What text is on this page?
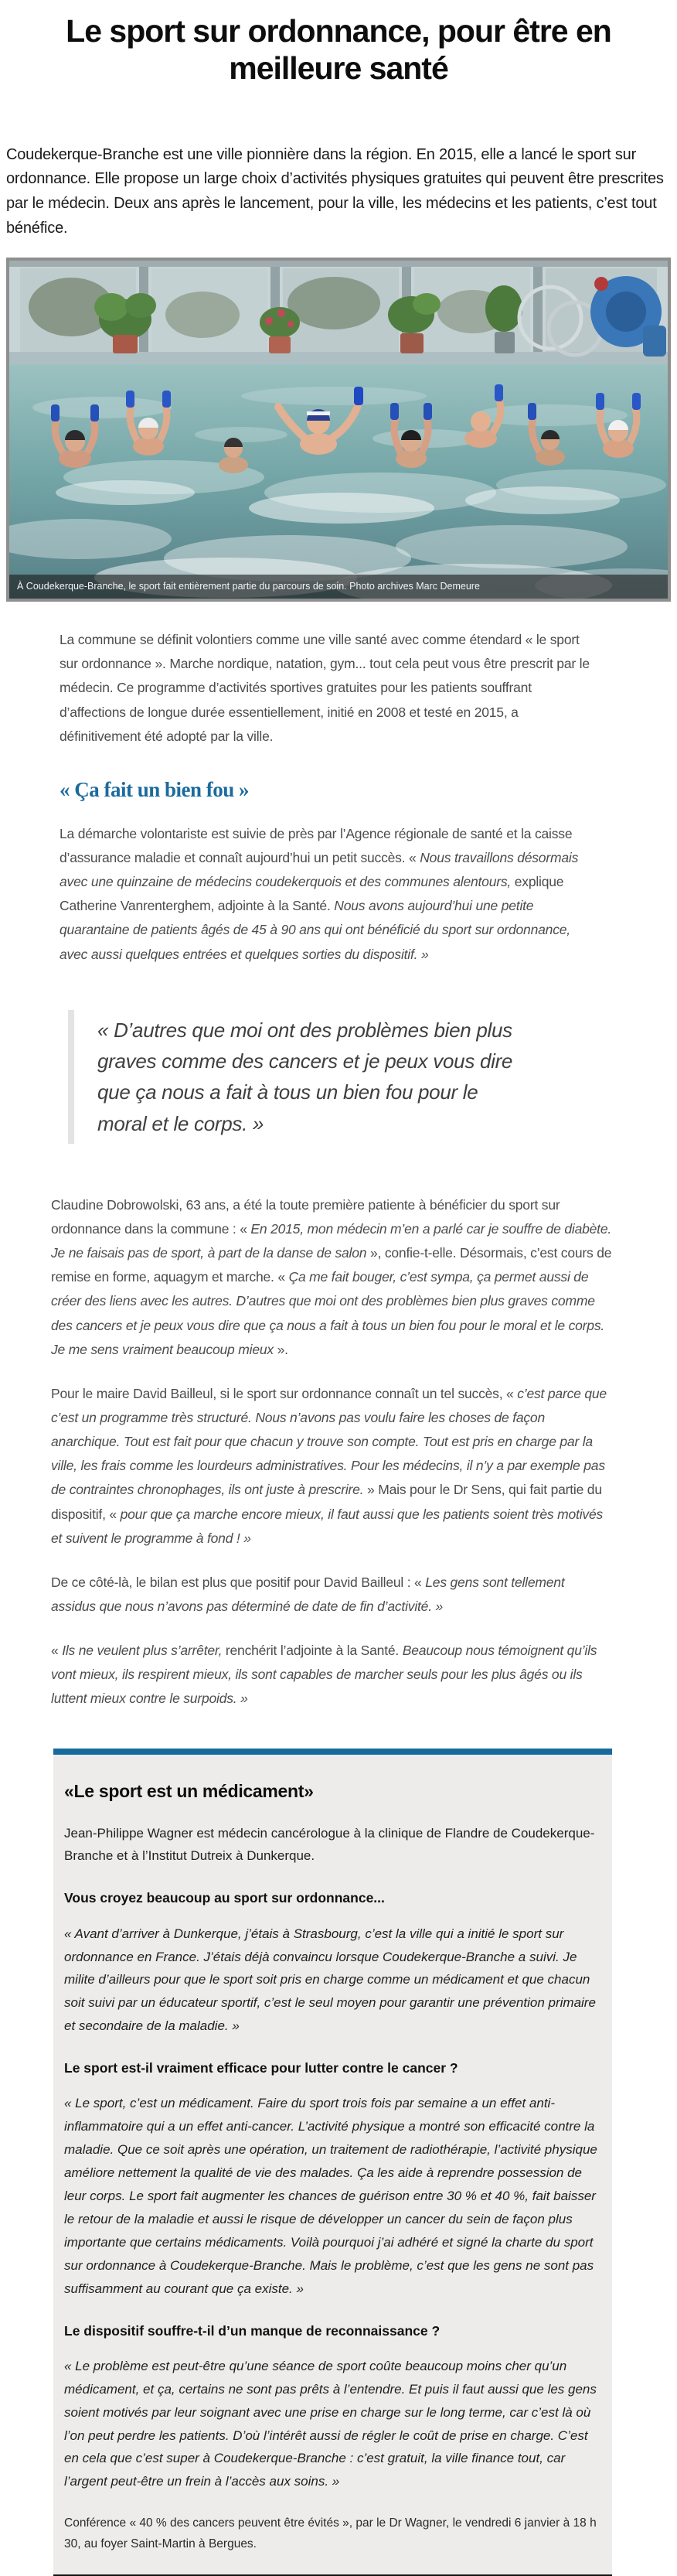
Le sport sur ordonnance, pour être en meilleure santé

Coudekerque-Branche est une ville pionnière dans la région. En 2015, elle a lancé le sport sur ordonnance. Elle propose un large choix d’activités physiques gratuites qui peuvent être prescrites par le médecin. Deux ans après le lancement, pour la ville, les médecins et les patients, c’est tout bénéfice.

À Coudekerque-Branche, le sport fait entièrement partie du parcours de soin. Photo archives Marc Demeure

La commune se définit volontiers comme une ville santé avec comme étendard « le sport sur ordonnance ». Marche nordique, natation, gym... tout cela peut vous être prescrit par le médecin. Ce programme d’activités sportives gratuites pour les patients souffrant d’affections de longue durée essentiellement, initié en 2008 et testé en 2015, a définitivement été adopté par la ville.

« Ça fait un bien fou »

La démarche volontariste est suivie de près par l’Agence régionale de santé et la caisse d’assurance maladie et connaît aujourd’hui un petit succès. « Nous travaillons désormais avec une quinzaine de médecins coudekerquois et des communes alentours, explique Catherine Vanrenterghem, adjointe à la Santé. Nous avons aujourd’hui une petite quarantaine de patients âgés de 45 à 90 ans qui ont bénéficié du sport sur ordonnance, avec aussi quelques entrées et quelques sorties du dispositif. »

« D’autres que moi ont des problèmes bien plus graves comme des cancers et je peux vous dire que ça nous a fait à tous un bien fou pour le moral et le corps. »

Claudine Dobrowolski, 63 ans, a été la toute première patiente à bénéficier du sport sur ordonnance dans la commune : « En 2015, mon médecin m’en a parlé car je souffre de diabète. Je ne faisais pas de sport, à part de la danse de salon », confie-t-elle. Désormais, c’est cours de remise en forme, aquagym et marche. « Ça me fait bouger, c’est sympa, ça permet aussi de créer des liens avec les autres. D’autres que moi ont des problèmes bien plus graves comme des cancers et je peux vous dire que ça nous a fait à tous un bien fou pour le moral et le corps. Je me sens vraiment beaucoup mieux ».

Pour le maire David Bailleul, si le sport sur ordonnance connaît un tel succès, « c’est parce que c’est un programme très structuré. Nous n’avons pas voulu faire les choses de façon anarchique. Tout est fait pour que chacun y trouve son compte. Tout est pris en charge par la ville, les frais comme les lourdeurs administratives. Pour les médecins, il n’y a par exemple pas de contraintes chronophages, ils ont juste à prescrire. » Mais pour le Dr Sens, qui fait partie du dispositif, « pour que ça marche encore mieux, il faut aussi que les patients soient très motivés et suivent le programme à fond ! »

De ce côté-là, le bilan est plus que positif pour David Bailleul : « Les gens sont tellement assidus que nous n’avons pas déterminé de date de fin d’activité. »

« Ils ne veulent plus s’arrêter, renchérit l’adjointe à la Santé. Beaucoup nous témoignent qu’ils vont mieux, ils respirent mieux, ils sont capables de marcher seuls pour les plus âgés ou ils luttent mieux contre le surpoids. »

«Le sport est un médicament»

Jean-Philippe Wagner est médecin cancérologue à la clinique de Flandre de Coudekerque-Branche et à l’Institut Dutreix à Dunkerque.

Vous croyez beaucoup au sport sur ordonnance...

« Avant d’arriver à Dunkerque, j’étais à Strasbourg, c’est la ville qui a initié le sport sur ordonnance en France. J’étais déjà convaincu lorsque Coudekerque-Branche a suivi. Je milite d’ailleurs pour que le sport soit pris en charge comme un médicament et que chacun soit suivi par un éducateur sportif, c’est le seul moyen pour garantir une prévention primaire et secondaire de la maladie. »

Le sport est-il vraiment efficace pour lutter contre le cancer ?

« Le sport, c’est un médicament. Faire du sport trois fois par semaine a un effet anti-inflammatoire qui a un effet anti-cancer. L’activité physique a montré son efficacité contre la maladie. Que ce soit après une opération, un traitement de radiothérapie, l’activité physique améliore nettement la qualité de vie des malades. Ça les aide à reprendre possession de leur corps. Le sport fait augmenter les chances de guérison entre 30 % et 40 %, fait baisser le retour de la maladie et aussi le risque de développer un cancer du sein de façon plus importante que certains médicaments. Voilà pourquoi j’ai adhéré et signé la charte du sport sur ordonnance à Coudekerque-Branche. Mais le problème, c’est que les gens ne sont pas suffisamment au courant que ça existe. »

Le dispositif souffre-t-il d’un manque de reconnaissance ?

« Le problème est peut-être qu’une séance de sport coûte beaucoup moins cher qu’un médicament, et ça, certains ne sont pas prêts à l’entendre. Et puis il faut aussi que les gens soient motivés par leur soignant avec une prise en charge sur le long terme, car c’est là où l’on peut perdre les patients. D’où l’intérêt aussi de régler le coût de prise en charge. C’est en cela que c’est super à Coudekerque-Branche : c’est gratuit, la ville finance tout, car l’argent peut-être un frein à l’accès aux soins. »

Conférence « 40 % des cancers peuvent être évités », par le Dr Wagner, le vendredi 6 janvier à 18 h 30, au foyer Saint-Martin à Bergues.
